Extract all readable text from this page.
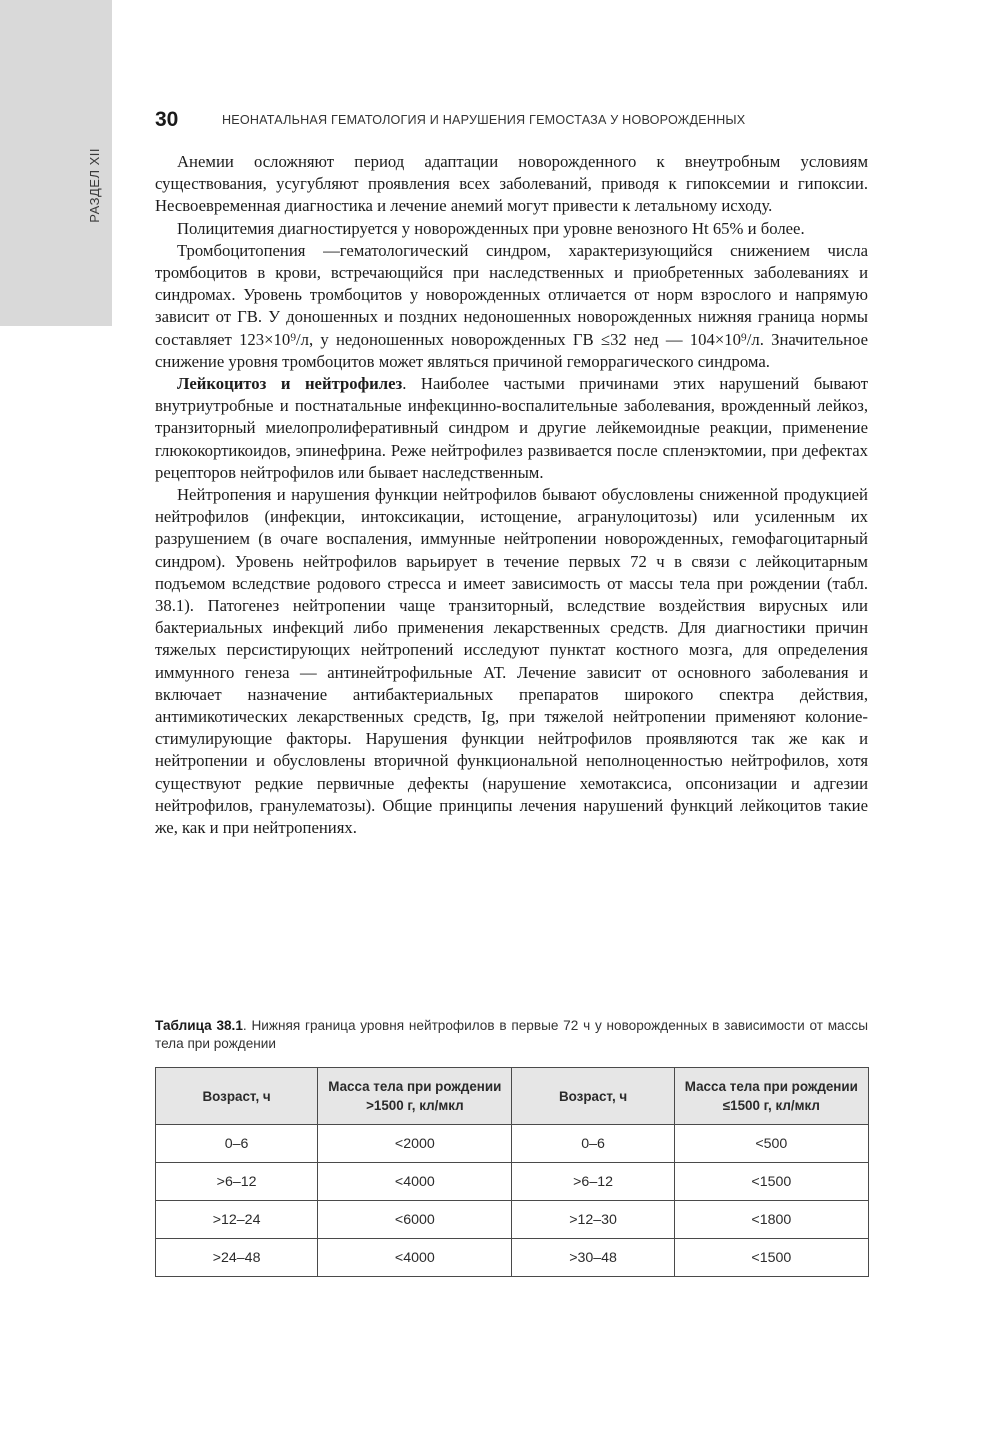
РАЗДЕЛ XII
30	НЕОНАТАЛЬНАЯ ГЕМАТОЛОГИЯ И НАРУШЕНИЯ ГЕМОСТАЗА У НОВОРОЖДЕННЫХ

Анемии осложняют период адаптации новорожденного к внеутробным условиям существования, усугубляют проявления всех заболеваний, приводя к гипоксемии и гипоксии. Несвоевременная диагностика и лечение анемий могут привести к летальному исходу.

Полицитемия диагностируется у новорожденных при уровне венозного Ht 65% и более.

Тромбоцитопения —гематологический синдром, характеризующийся снижением числа тромбоцитов в крови, встречающийся при наследственных и приобретенных заболеваниях и синдромах. Уровень тромбоцитов у новорожденных отличается от норм взрослого и напрямую зависит от ГВ. У доношенных и поздних недоношенных новорожденных нижняя граница нормы составляет 123×10⁹/л, у недоношенных новорожденных ГВ ≤32 нед — 104×10⁹/л. Значительное снижение уровня тромбоцитов может являться причиной геморрагического синдрома.

Лейкоцитоз и нейтрофилез. Наиболее частыми причинами этих нарушений бывают внутриутробные и постнатальные инфекцинно-воспалительные заболевания, врожденный лейкоз, транзиторный миелопролиферативный синдром и другие лейкемоидные реакции, применение глюкокортикоидов, эпинефрина. Реже нейтрофилез развивается после спленэктомии, при дефектах рецепторов нейтрофилов или бывает наследственным.

Нейтропения и нарушения функции нейтрофилов бывают обусловлены сниженной продукцией нейтрофилов (инфекции, интоксикации, истощение, агранулоцитозы) или усиленным их разрушением (в очаге воспаления, иммунные нейтропении новорожденных, гемофагоцитарный синдром). Уровень нейтрофилов варьирует в течение первых 72 ч в связи с лейкоцитарным подъемом вследствие родового стресса и имеет зависимость от массы тела при рождении (табл. 38.1). Патогенез нейтропении чаще транзиторный, вследствие воздействия вирусных или бактериальных инфекций либо применения лекарственных средств. Для диагностики причин тяжелых персистирующих нейтропений исследуют пунктат костного мозга, для определения иммунного генеза — антинейтрофильные АТ. Лечение зависит от основного заболевания и включает назначение антибактериальных препаратов широкого спектра действия, антимикотических лекарственных средств, Ig, при тяжелой нейтропении применяют колоние-стимулирующие факторы. Нарушения функции нейтрофилов проявляются так же как и нейтропении и обусловлены вторичной функциональной неполноценностью нейтрофилов, хотя существуют редкие первичные дефекты (нарушение хемотаксиса, опсонизации и адгезии нейтрофилов, гранулематозы). Общие принципы лечения нарушений функций лейкоцитов такие же, как и при нейтропениях.

Таблица 38.1. Нижняя граница уровня нейтрофилов в первые 72 ч у новорожденных в зависимости от массы тела при рождении
Возраст, ч	Масса тела при рождении >1500 г, кл/мкл	Возраст, ч	Масса тела при рождении ≤1500 г, кл/мкл
0–6	<2000	0–6	<500
>6–12	<4000	>6–12	<1500
>12–24	<6000	>12–30	<1800
>24–48	<4000	>30–48	<1500
